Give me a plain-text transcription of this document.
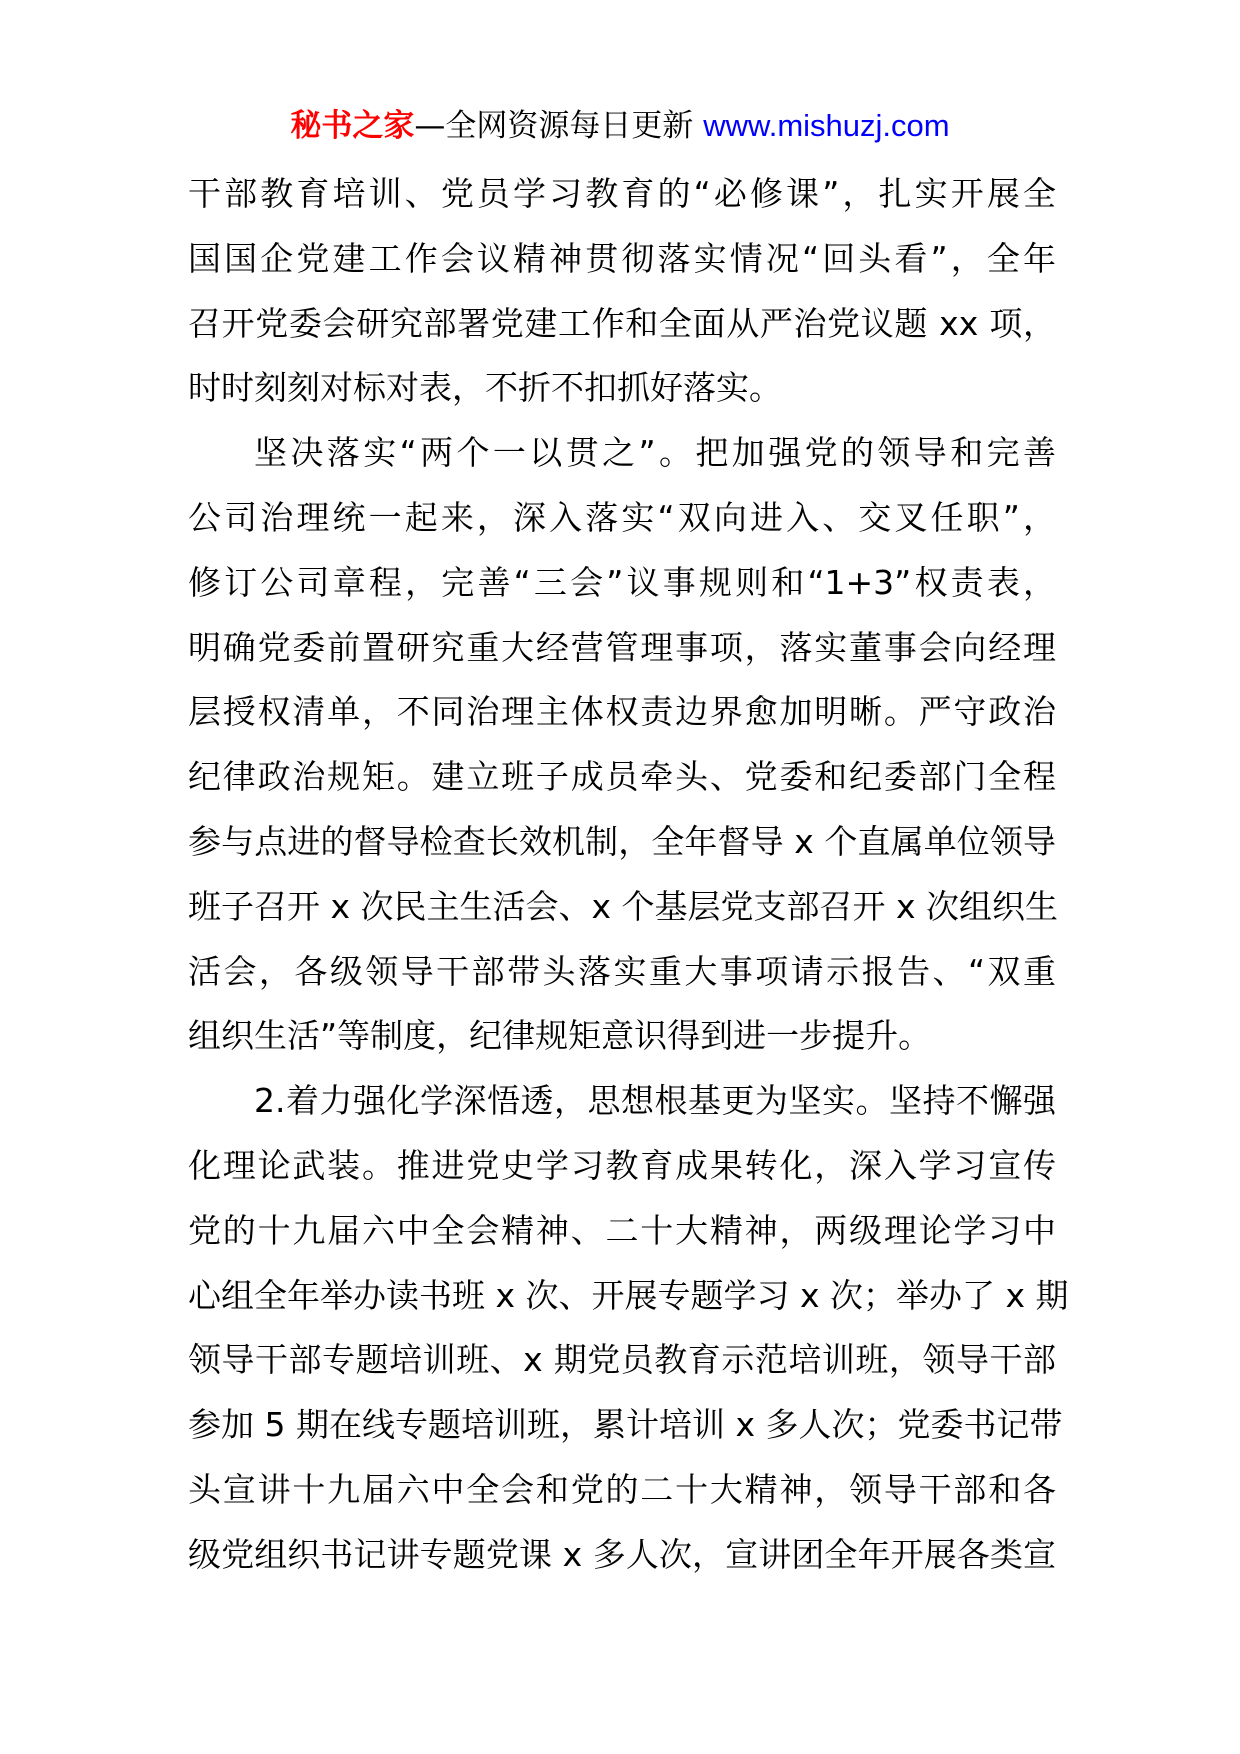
秘书之家—全网资源每日更新 www.mishuzj.com
干部教育培训、党员学习教育的“必修课”，扎实开展全
国国企党建工作会议精神贯彻落实情况“回头看”，全年
召开党委会研究部署党建工作和全面从严治党议题 xx 项，
时时刻刻对标对表，不折不扣抓好落实。
坚决落实“两个一以贯之”。把加强党的领导和完善
公司治理统一起来，深入落实“双向进入、交叉任职”，
修订公司章程，完善“三会”议事规则和“1+3”权责表，
明确党委前置研究重大经营管理事项，落实董事会向经理
层授权清单，不同治理主体权责边界愈加明晰。严守政治
纪律政治规矩。建立班子成员牵头、党委和纪委部门全程
参与点进的督导检查长效机制，全年督导 x 个直属单位领导
班子召开 x 次民主生活会、x 个基层党支部召开 x 次组织生
活会，各级领导干部带头落实重大事项请示报告、“双重
组织生活”等制度，纪律规矩意识得到进一步提升。
2.着力强化学深悟透，思想根基更为坚实。坚持不懈强
化理论武装。推进党史学习教育成果转化，深入学习宣传
党的十九届六中全会精神、二十大精神，两级理论学习中
心组全年举办读书班 x 次、开展专题学习 x 次；举办了 x 期
领导干部专题培训班、x 期党员教育示范培训班，领导干部
参加 5 期在线专题培训班，累计培训 x 多人次；党委书记带
头宣讲十九届六中全会和党的二十大精神，领导干部和各
级党组织书记讲专题党课 x 多人次，宣讲团全年开展各类宣
